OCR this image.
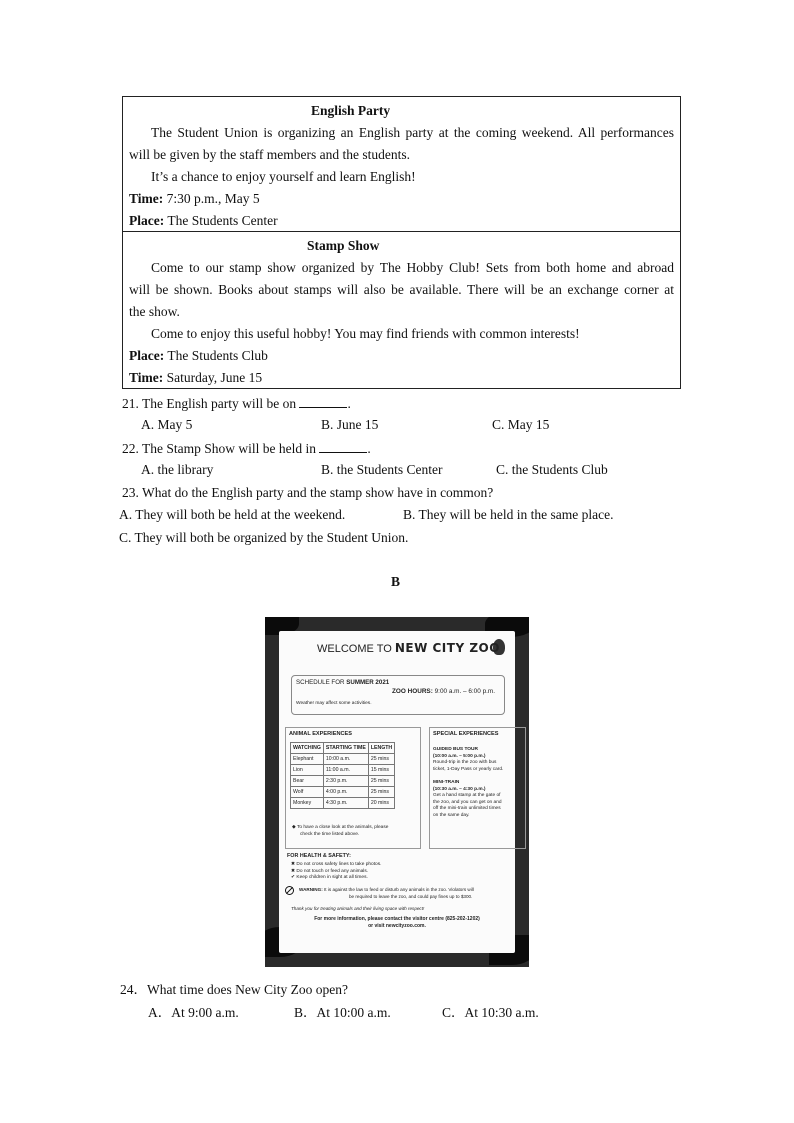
English Party
The Student Union is organizing an English party at the coming weekend. All performances
will be given by the staff members and the students.
It’s a chance to enjoy yourself and learn English!
Time: 7:30 p.m., May 5
Place: The Students Center
Stamp Show
Come to our stamp show organized by The Hobby Club! Sets from both home and abroad
will be shown. Books about stamps will also be available. There will be an exchange corner at
the show.
Come to enjoy this useful hobby! You may find friends with common interests!
Place: The Students Club
Time: Saturday, June 15
21. The English party will be on	.
A. May 5	B. June 15	C. May 15
22. The Stamp Show will be held in	.
A. the library	B. the Students Center	C. the Students Club
23. What do the English party and the stamp show have in common?
A. They will both be held at the weekend.	B. They will be held in the same place.
C. They will both be organized by the Student Union.
B
WELCOME TO NEW CITY ZOO
SCHEDULE FOR SUMMER 2021
ZOO HOURS: 9:00 a.m. – 6:00 p.m.
Weather may affect some activities.
ANIMAL EXPERIENCES
WATCHING	STARTING TIME	LENGTH
Elephant	10:00 a.m.	25 mins
Lion	11:00 a.m.	15 mins
Bear	2:30 p.m.	25 mins
Wolf	4:00 p.m.	25 mins
Monkey	4:30 p.m.	20 mins
◆ To have a close look at the animals, please
check the time listed above.
SPECIAL EXPERIENCES
GUIDED BUS TOUR
(10:00 a.m. – 5:00 p.m.)
Round-trip in the zoo with bus
ticket, 1-Day Pass or yearly card.
MINI-TRAIN
(10:30 a.m. – 4:30 p.m.)
Get a hand stamp at the gate of
the zoo, and you can get on and
off the mini-train unlimited times
on the same day.
FOR HEALTH & SAFETY:
✖ Do not cross safety lines to take photos.
✖ Do not touch or feed any animals.
✔ Keep children in sight at all times.
WARNING: It is against the law to feed or disturb any animals in the zoo. Violators will
be required to leave the zoo, and could pay fines up to $300.
Thank you for treating animals and their living space with respect!
For more information, please contact the visitor centre (825-202-1202)
or visit newcityzoo.com.
24．What time does New City Zoo open?
A．At 9:00 a.m.	B．At 10:00 a.m.	C．At 10:30 a.m.
